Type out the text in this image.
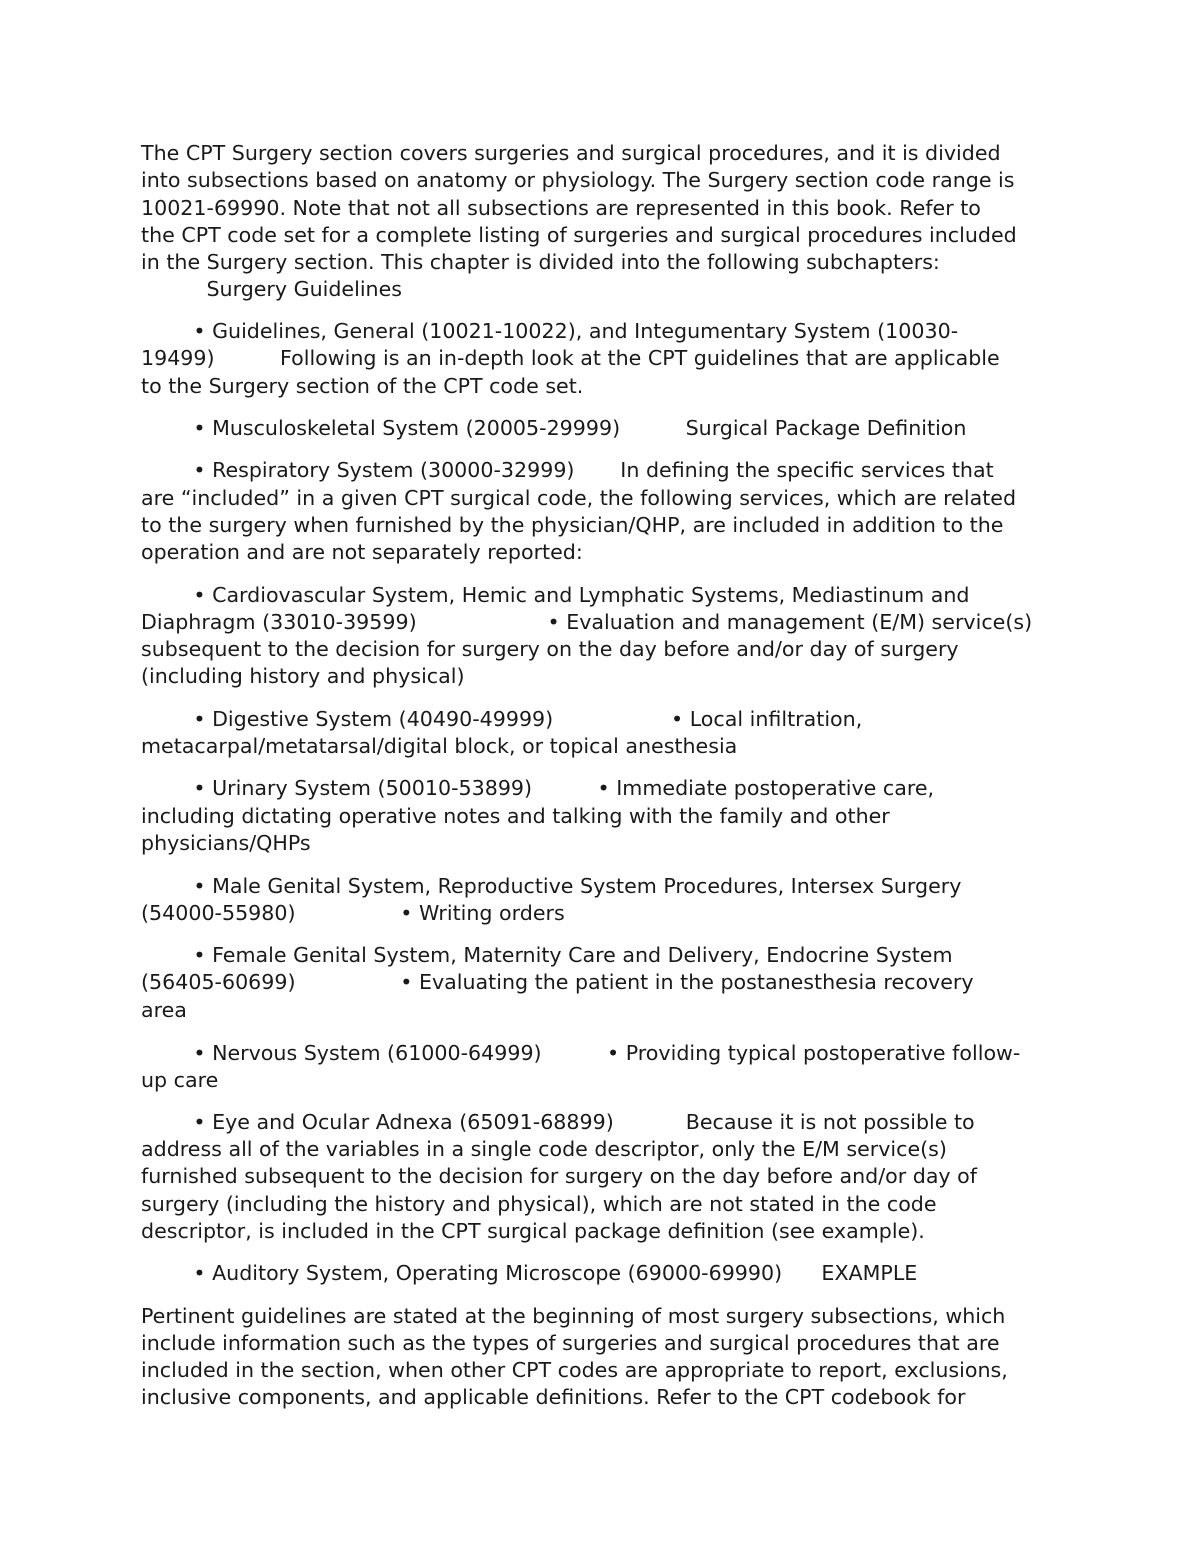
The CPT Surgery section covers surgeries and surgical procedures, and it is divided
into subsections based on anatomy or physiology. The Surgery section code range is
10021-69990. Note that not all subsections are represented in this book. Refer to
the CPT code set for a complete listing of surgeries and surgical procedures included
in the Surgery section. This chapter is divided into the following subchapters:
Surgery Guidelines
• Guidelines, General (10021-10022), and Integumentary System (10030-
19499)          Following is an in-depth look at the CPT guidelines that are applicable
to the Surgery section of the CPT code set.
• Musculoskeletal System (20005-29999)          Surgical Package Definition
• Respiratory System (30000-32999)       In defining the specific services that
are “included” in a given CPT surgical code, the following services, which are related
to the surgery when furnished by the physician/QHP, are included in addition to the
operation and are not separately reported:
• Cardiovascular System, Hemic and Lymphatic Systems, Mediastinum and
Diaphragm (33010-39599)                    • Evaluation and management (E/M) service(s)
subsequent to the decision for surgery on the day before and/or day of surgery
(including history and physical)
• Digestive System (40490-49999)                  • Local infiltration,
metacarpal/metatarsal/digital block, or topical anesthesia
• Urinary System (50010-53899)          • Immediate postoperative care,
including dictating operative notes and talking with the family and other
physicians/QHPs
• Male Genital System, Reproductive System Procedures, Intersex Surgery
(54000-55980)                • Writing orders
• Female Genital System, Maternity Care and Delivery, Endocrine System
(56405-60699)                • Evaluating the patient in the postanesthesia recovery
area
• Nervous System (61000-64999)          • Providing typical postoperative follow-
up care
• Eye and Ocular Adnexa (65091-68899)           Because it is not possible to
address all of the variables in a single code descriptor, only the E/M service(s)
furnished subsequent to the decision for surgery on the day before and/or day of
surgery (including the history and physical), which are not stated in the code
descriptor, is included in the CPT surgical package definition (see example).
• Auditory System, Operating Microscope (69000-69990)      EXAMPLE
Pertinent guidelines are stated at the beginning of most surgery subsections, which
include information such as the types of surgeries and surgical procedures that are
included in the section, when other CPT codes are appropriate to report, exclusions,
inclusive components, and applicable definitions. Refer to the CPT codebook for
